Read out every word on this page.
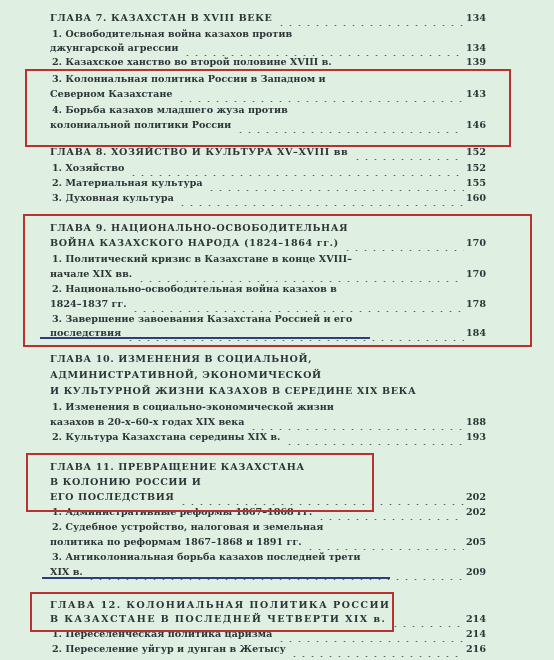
ГЛАВА 7. КАЗАХСТАН В XVIII ВЕКЕ	134
1. Освободительная война казахов против
джунгарской агрессии	134
2. Казахское ханство во второй половине XVIII в.	139
3. Колониальная политика России в Западном и
Северном Казахстане	143
4. Борьба казахов младшего жуза против
колониальной политики России	146
ГЛАВА 8. ХОЗЯЙСТВО И КУЛЬТУРА XV–XVIII вв	152
1. Хозяйство	152
2. Материальная культура	155
3. Духовная культура	160
ГЛАВА 9. НАЦИОНАЛЬНО-ОСВОБОДИТЕЛЬНАЯ
ВОЙНА КАЗАХСКОГО НАРОДА (1824–1864 гг.)	170
1. Политический кризис в Казахстане в конце XVIII–
начале XIX вв.	170
2. Национально-освободительная война казахов в
1824–1837 гг.	178
3. Завершение завоевания Казахстана Россией и его
последствия	184
ГЛАВА 10. ИЗМЕНЕНИЯ В СОЦИАЛЬНОЙ,
АДМИНИСТРАТИВНОЙ, ЭКОНОМИЧЕСКОЙ
И КУЛЬТУРНОЙ ЖИЗНИ КАЗАХОВ В СЕРЕДИНЕ XIX ВЕКА
1. Изменения в социально-экономической жизни
казахов в 20-х–60-х годах XIX века	188
2. Культура Казахстана середины XIX в.	193
ГЛАВА 11. ПРЕВРАЩЕНИЕ КАЗАХСТАНА
В КОЛОНИЮ РОССИИ И
ЕГО ПОСЛЕДСТВИЯ	202
1. Административные реформы 1867–1868 гг.	202
2. Судебное устройство, налоговая и земельная
политика по реформам 1867–1868 и 1891 гг.	205
3. Антиколониальная борьба казахов последней трети
XIX в.	209
ГЛАВА 12. КОЛОНИАЛЬНАЯ ПОЛИТИКА РОССИИ
В КАЗАХСТАНЕ В ПОСЛЕДНЕЙ ЧЕТВЕРТИ XIX в.	214
1. Переселенческая политика царизма	214
2. Переселение уйгур и дунган в Жетысу	216
